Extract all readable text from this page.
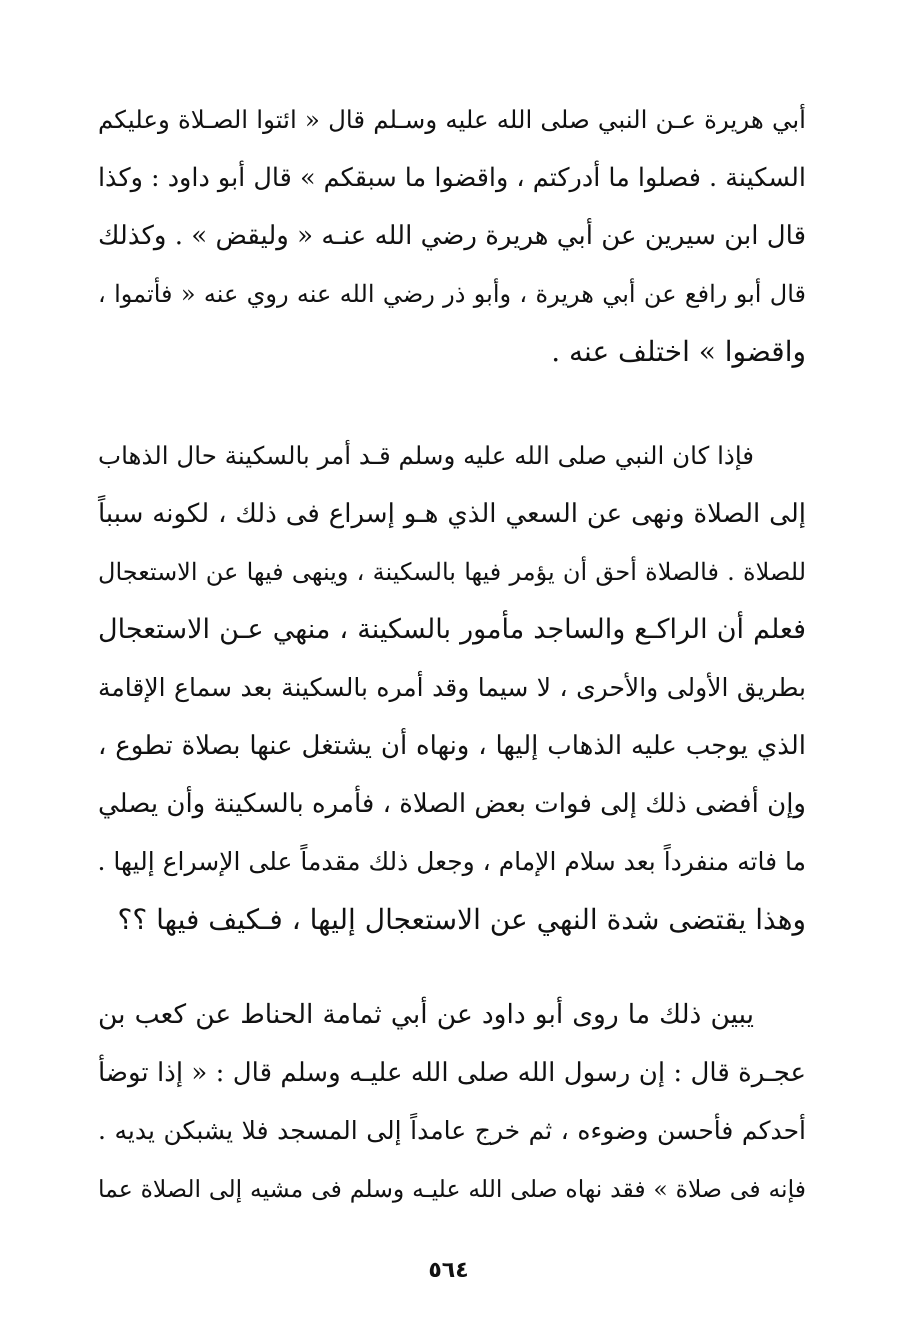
أبي هريرة عـن النبي صلى الله عليه وسـلم قال « ائتوا الصـلاة وعليكم
السكينة . فصلوا ما أدركتم ، واقضوا ما سبقكم » قال أبو داود : وكذا
قال ابن سيرين عن أبي هريرة رضي الله عنـه « وليقض » . وكذلك
قال أبو رافع عن أبي هريرة ، وأبو ذر رضي الله عنه روي عنه « فأتموا ،
واقضوا » اختلف عنه .
فإذا كان النبي صلى الله عليه وسلم قـد أمر بالسكينة حال الذهاب
إلى الصلاة ونهى عن السعي الذي هـو إسراع فى ذلك ، لكونه سبباً
للصلاة . فالصلاة أحق أن يؤمر فيها بالسكينة ، وينهى فيها عن الاستعجال
فعلم أن الراكـع والساجد مأمور بالسكينة ، منهي عـن الاستعجال
بطريق الأولى والأحرى ، لا سيما وقد أمره بالسكينة بعد سماع الإقامة
الذي يوجب عليه الذهاب إليها ، ونهاه أن يشتغل عنها بصلاة تطوع ،
وإن أفضى ذلك إلى فوات بعض الصلاة ، فأمره بالسكينة وأن يصلي
ما فاته منفرداً بعد سلام الإمام ، وجعل ذلك مقدماً على الإسراع إليها .
وهذا يقتضى شدة النهي عن الاستعجال إليها ، فـكيف فيها ؟؟
يبين ذلك ما روى أبو داود عن أبي ثمامة الحناط عن كعب بن
عجـرة قال : إن رسول الله صلى الله عليـه وسلم قال : « إذا توضأ
أحدكم فأحسن وضوءه ، ثم خرج عامداً إلى المسجد فلا يشبكن يديه .
فإنه فى صلاة » فقد نهاه صلى الله عليـه وسلم فى مشيه إلى الصلاة عما
٥٦٤
